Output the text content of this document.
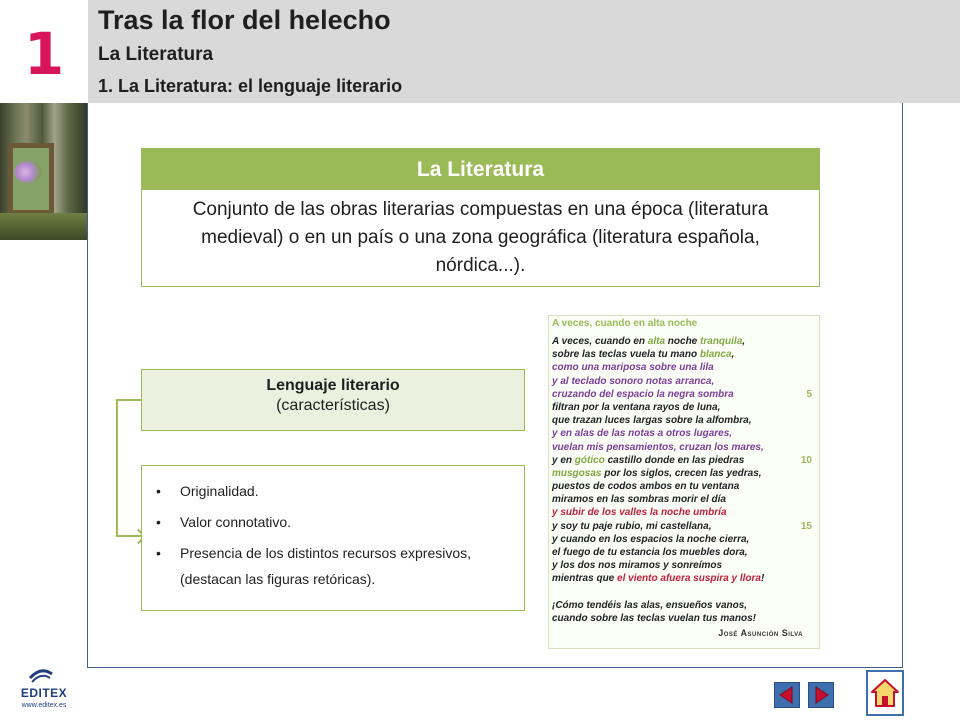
1 Tras la flor del helecho
La Literatura
1. La Literatura: el lenguaje literario
La Literatura
Conjunto de las obras literarias compuestas en una época (literatura medieval) o en un país o una zona geográfica (literatura española, nórdica...).
Lenguaje literario
(características)
• Originalidad.
• Valor connotativo.
• Presencia de los distintos recursos expresivos, (destacan las figuras retóricas).
A veces, cuando en alta noche
A veces, cuando en alta noche tranquila,
sobre las teclas vuela tu mano blanca,
como una mariposa sobre una lila
y al teclado sonoro notas arranca,
cruzando del espacio la negra sombra	5
filtran por la ventana rayos de luna,
que trazan luces largas sobre la alfombra,
y en alas de las notas a otros lugares,
vuelan mis pensamientos, cruzan los mares,
y en gótico castillo donde en las piedras	10
musgosas por los siglos, crecen las yedras,
puestos de codos ambos en tu ventana
miramos en las sombras morir el día
y subir de los valles la noche umbría
y soy tu paje rubio, mi castellana,	15
y cuando en los espacios la noche cierra,
el fuego de tu estancia los muebles dora,
y los dos nos miramos y sonreímos
mientras que el viento afuera suspira y llora!
¡Cómo tendéis las alas, ensueños vanos,
cuando sobre las teclas vuelan tus manos!
José Asunción Silva
EDITEX
www.editex.es
